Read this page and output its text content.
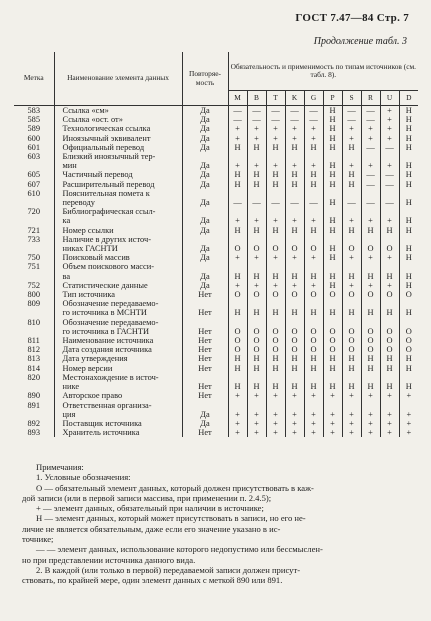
ГОСТ 7.47—84 Стр. 7
Продолжение табл. 3
Метка	Наименование элемента данных	Повторяе-мость	Обязательность и применимость по типам источников (см. табл. 8).									
			M	B	T	K	G	P	S	R	U	D
583	Ссылка «см»	Да	—	—	—	—	—	Н	—	—	+	Н
585	Ссылка «ост. от»	Да	—	—	—	—	—	Н	—	—	+	Н
589	Технологическая ссылка	Да	+	+	+	+	+	Н	+	+	+	Н
600	Иноязычный эквивалент	Да	+	+	+	+	+	Н	+	+	+	Н
601	Официальный перевод	Да	Н	Н	Н	Н	Н	Н	Н	—	—	Н
603	Близкий иноязычный тер-
мин	Да	+	+	+	+	+	Н	+	+	+	Н
605	Частичный перевод	Да	Н	Н	Н	Н	Н	Н	Н	—	—	Н
607	Расширительный перевод	Да	Н	Н	Н	Н	Н	Н	Н	—	—	Н
610	Пояснительная помета к
переводу	Да	—	—	—	—	—	Н	—	—	—	Н
720	Библиографическая ссыл-
ка	Да	+	+	+	+	+	Н	+	+	+	Н
721	Номер ссылки	Да	Н	Н	Н	Н	Н	Н	Н	Н	Н	Н
733	Наличие в других источ-
никах ГАСНТИ	Да	О	О	О	О	О	Н	О	О	О	Н
750	Поисковый массив	Да	+	+	+	+	+	Н	+	+	+	Н
751	Объем поискового масси-
ва	Да	Н	Н	Н	Н	Н	Н	Н	Н	Н	Н
752	Статистические данные	Да	+	+	+	+	+	Н	+	+	+	Н
800	Тип источника	Нет	О	О	О	О	О	О	О	О	О	О
809	Обозначение передаваемо-
го источника в МСНТИ	Нет	Н	Н	Н	Н	Н	Н	Н	Н	Н	Н
810	Обозначение передаваемо-
го источника в ГАСНТИ	Нет	О	О	О	О	О	О	О	О	О	О
811	Наименование источника	Нет	О	О	О	О	О	О	О	О	О	О
812	Дата создания источника	Нет	О	О	О	О	О	О	О	О	О	О
813	Дата утверждения	Нет	Н	Н	Н	Н	Н	Н	Н	Н	Н	Н
814	Номер версии	Нет	Н	Н	Н	Н	Н	Н	Н	Н	Н	Н
820	Местонахождение в источ-
нике	Нет	Н	Н	Н	Н	Н	Н	Н	Н	Н	Н
890	Авторское право	Нет	+	+	+	+	+	+	+	+	+	+
891	Ответственная организа-
ция	Да	+	+	+	+	+	+	+	+	+	+
892	Поставщик источника	Да	+	+	+	+	+	+	+	+	+	+
893	Хранитель источника	Нет	+	+	+	+	+	+	+	+	+	+

Примечания:

1. Условные обозначения:

О — обязательный элемент данных, который должен присутствовать в каж-

дой записи (или в первой записи массива, при применении п. 2.4.5);

+ — элемент данных, обязательный при наличии в источнике;

Н — элемент данных, который может присутствовать в записи, но его не-

личие не является обязательным, даже если его значение указано в ис-

точнике;

— — элемент данных, использование которого недопустимо или бессмыслен-

но при представлении источника данного вида.

2. В каждой (или только в первой) передаваемой записи должен присут-

ствовать, по крайней мере, один элемент данных с меткой 890 или 891.
